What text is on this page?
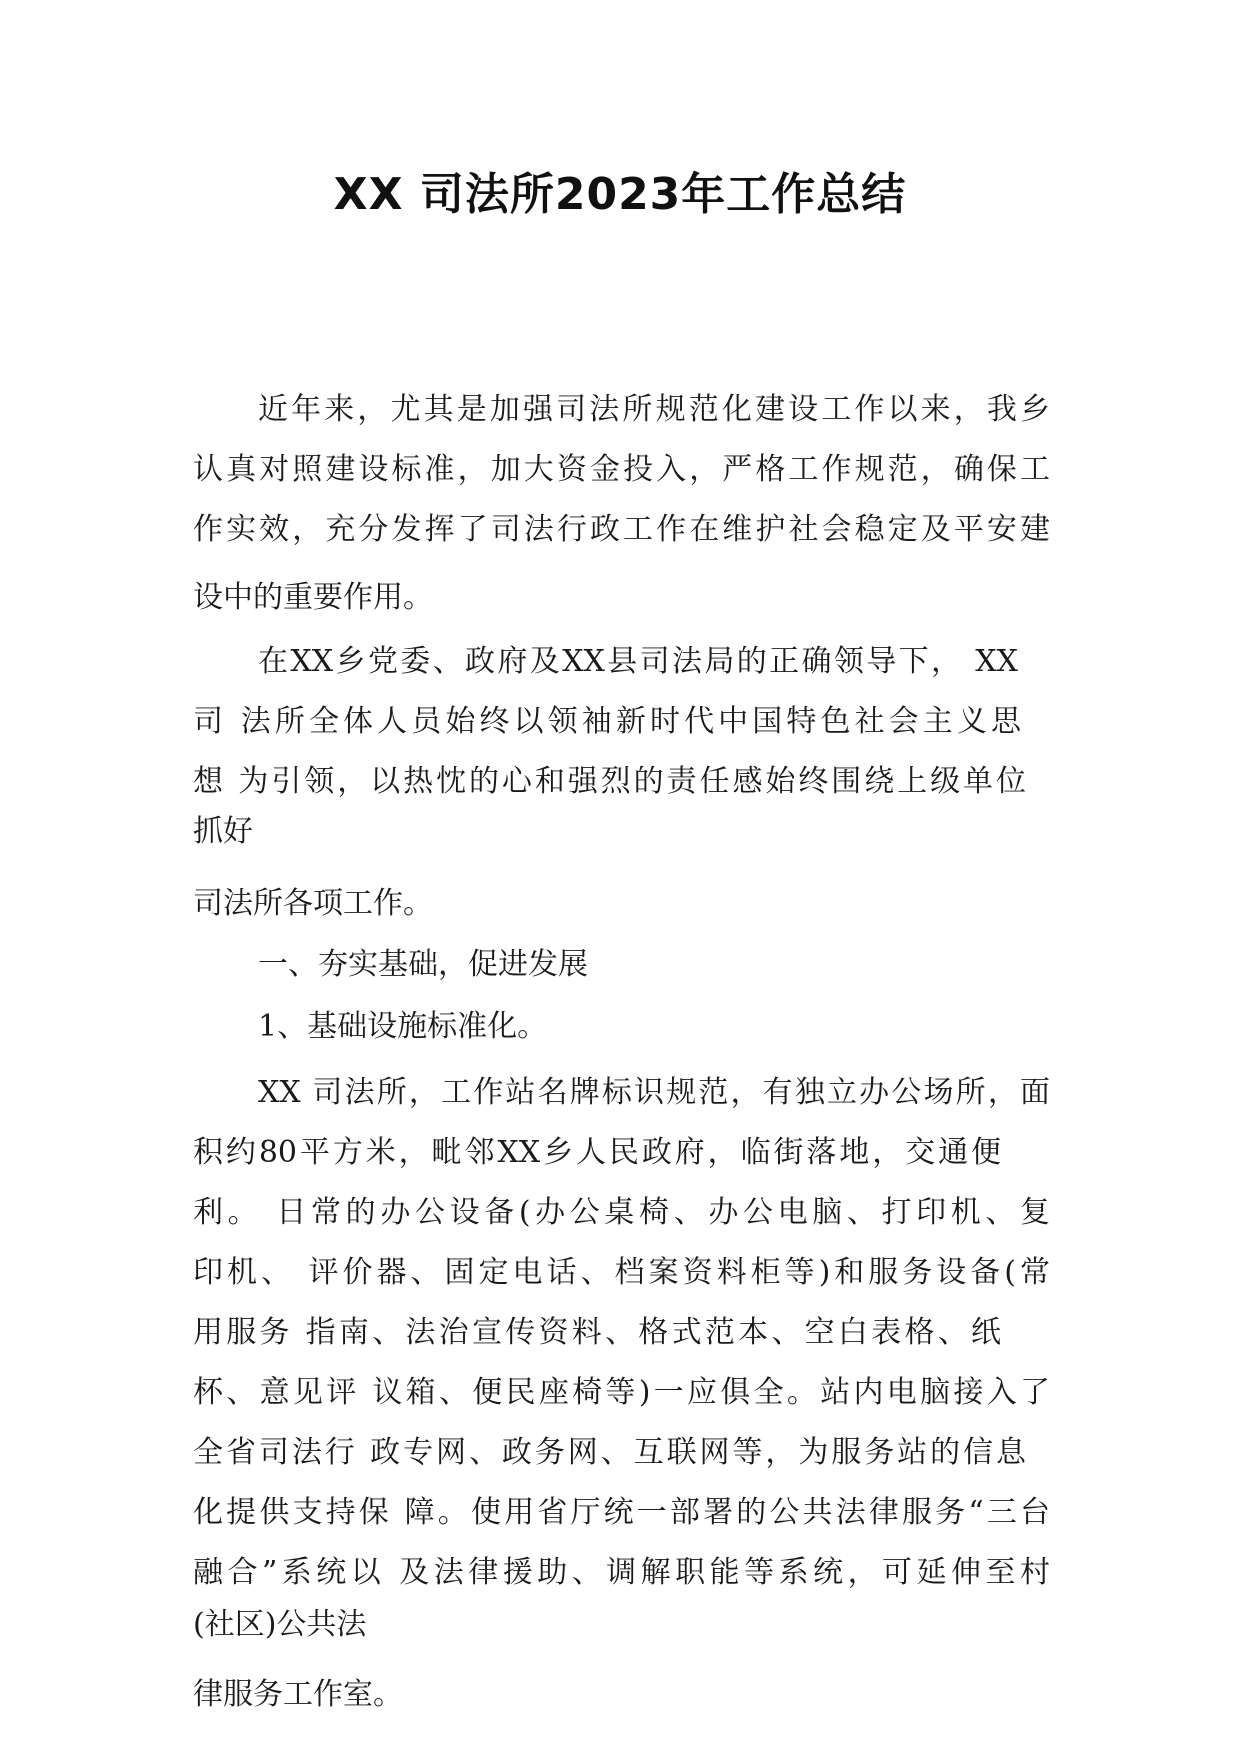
XX 司法所2023年工作总结
近年来，尤其是加强司法所规范化建设工作以来，我乡
认真对照建设标准，加大资金投入，严格工作规范，确保工
作实效，充分发挥了司法行政工作在维护社会稳定及平安建
设中的重要作用。
在XX乡党委、政府及XX县司法局的正确领导下， XX
司 法所全体人员始终以领袖新时代中国特色社会主义思
想 为引领，以热忱的心和强烈的责任感始终围绕上级单位
抓好
司法所各项工作。
一、夯实基础，促进发展
1、基础设施标准化。
XX 司法所，工作站名牌标识规范，有独立办公场所，面
积约80平方米，毗邻XX乡人民政府，临街落地，交通便
利。 日常的办公设备(办公桌椅、办公电脑、打印机、复
印机、 评价器、固定电话、档案资料柜等)和服务设备(常
用服务 指南、法治宣传资料、格式范本、空白表格、纸
杯、意见评 议箱、便民座椅等)一应俱全。站内电脑接入了
全省司法行 政专网、政务网、互联网等，为服务站的信息
化提供支持保 障。使用省厅统一部署的公共法律服务“三台
融合”系统以 及法律援助、调解职能等系统，可延伸至村
(社区)公共法
律服务工作室。
